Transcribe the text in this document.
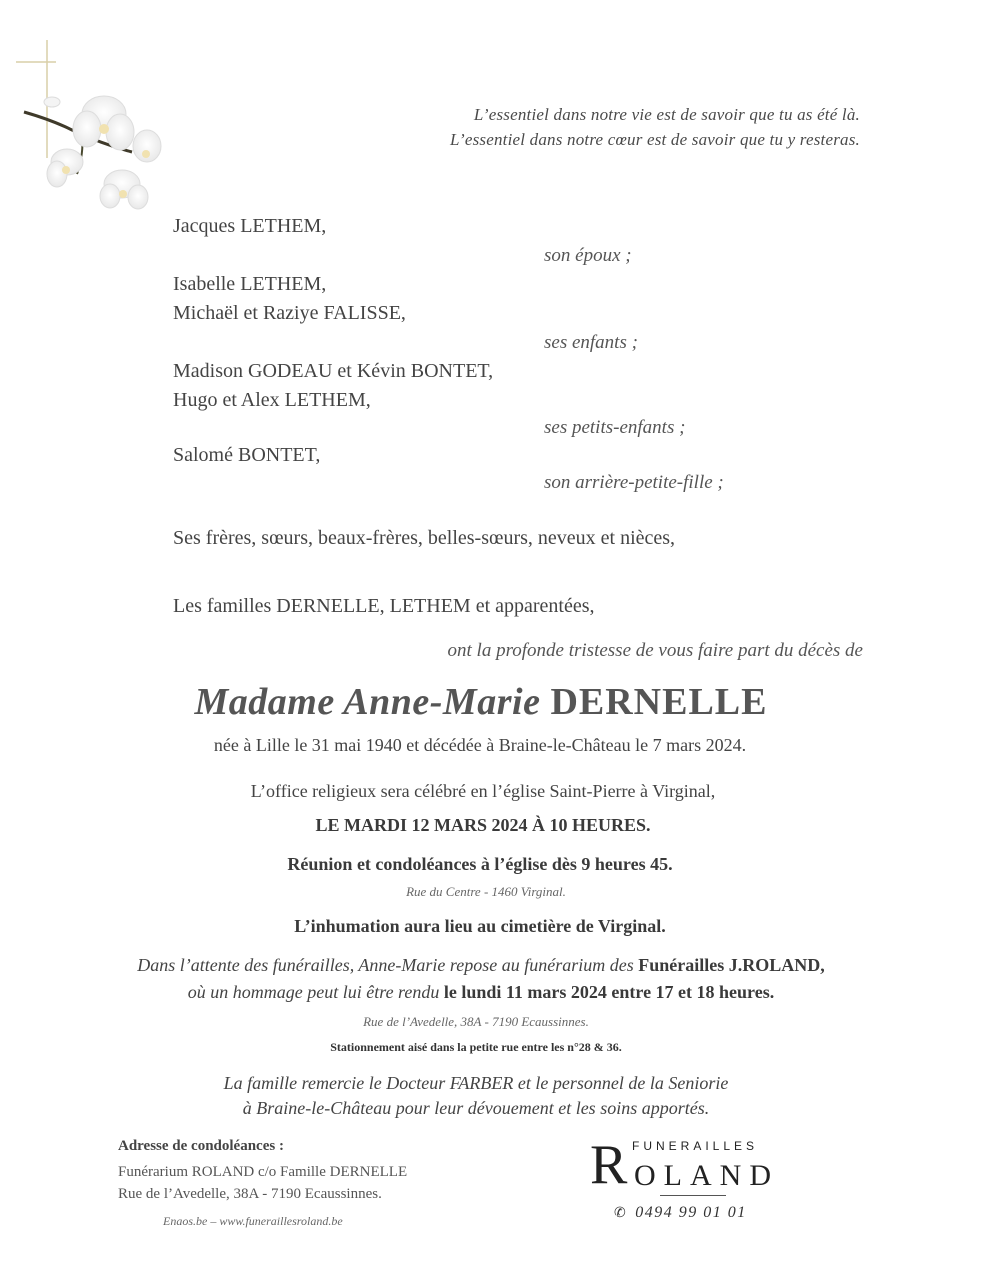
L’essentiel dans notre vie est de savoir que tu as été là.
L’essentiel dans notre cœur est de savoir que tu y resteras.
Jacques LETHEM,
son époux ;
Isabelle LETHEM,
Michaël et Raziye FALISSE,
ses enfants ;
Madison GODEAU et Kévin BONTET,
Hugo et Alex LETHEM,
ses petits-enfants ;
Salomé BONTET,
son arrière-petite-fille ;
Ses frères, sœurs, beaux-frères, belles-sœurs, neveux et nièces,
Les familles DERNELLE, LETHEM et apparentées,
ont la profonde tristesse de vous faire part du décès de
Madame Anne-Marie DERNELLE
née à Lille le 31 mai 1940 et décédée à Braine-le-Château le 7 mars 2024.
L’office religieux sera célébré en l’église Saint-Pierre à Virginal,
LE MARDI 12 MARS 2024 À 10 HEURES.
Réunion et condoléances à l’église dès 9 heures 45.
Rue du Centre - 1460 Virginal.
L’inhumation aura lieu au cimetière de Virginal.
Dans l’attente des funérailles, Anne-Marie repose au funérarium des Funérailles J.ROLAND,
où un hommage peut lui être rendu le lundi 11 mars 2024 entre 17 et 18 heures.
Rue de l’Avedelle, 38A - 7190 Ecaussinnes.
Stationnement aisé dans la petite rue entre les n°28 & 36.
La famille remercie le Docteur FARBER et le personnel de la Seniorie
à Braine-le-Château pour leur dévouement et les soins apportés.
Adresse de condoléances :
Funérarium ROLAND c/o Famille DERNELLE
Rue de l’Avedelle, 38A - 7190 Ecaussinnes.
Enaos.be – www.funeraillesroland.be
FUNERAILLES
R OLAND
✆ 0494 99 01 01
